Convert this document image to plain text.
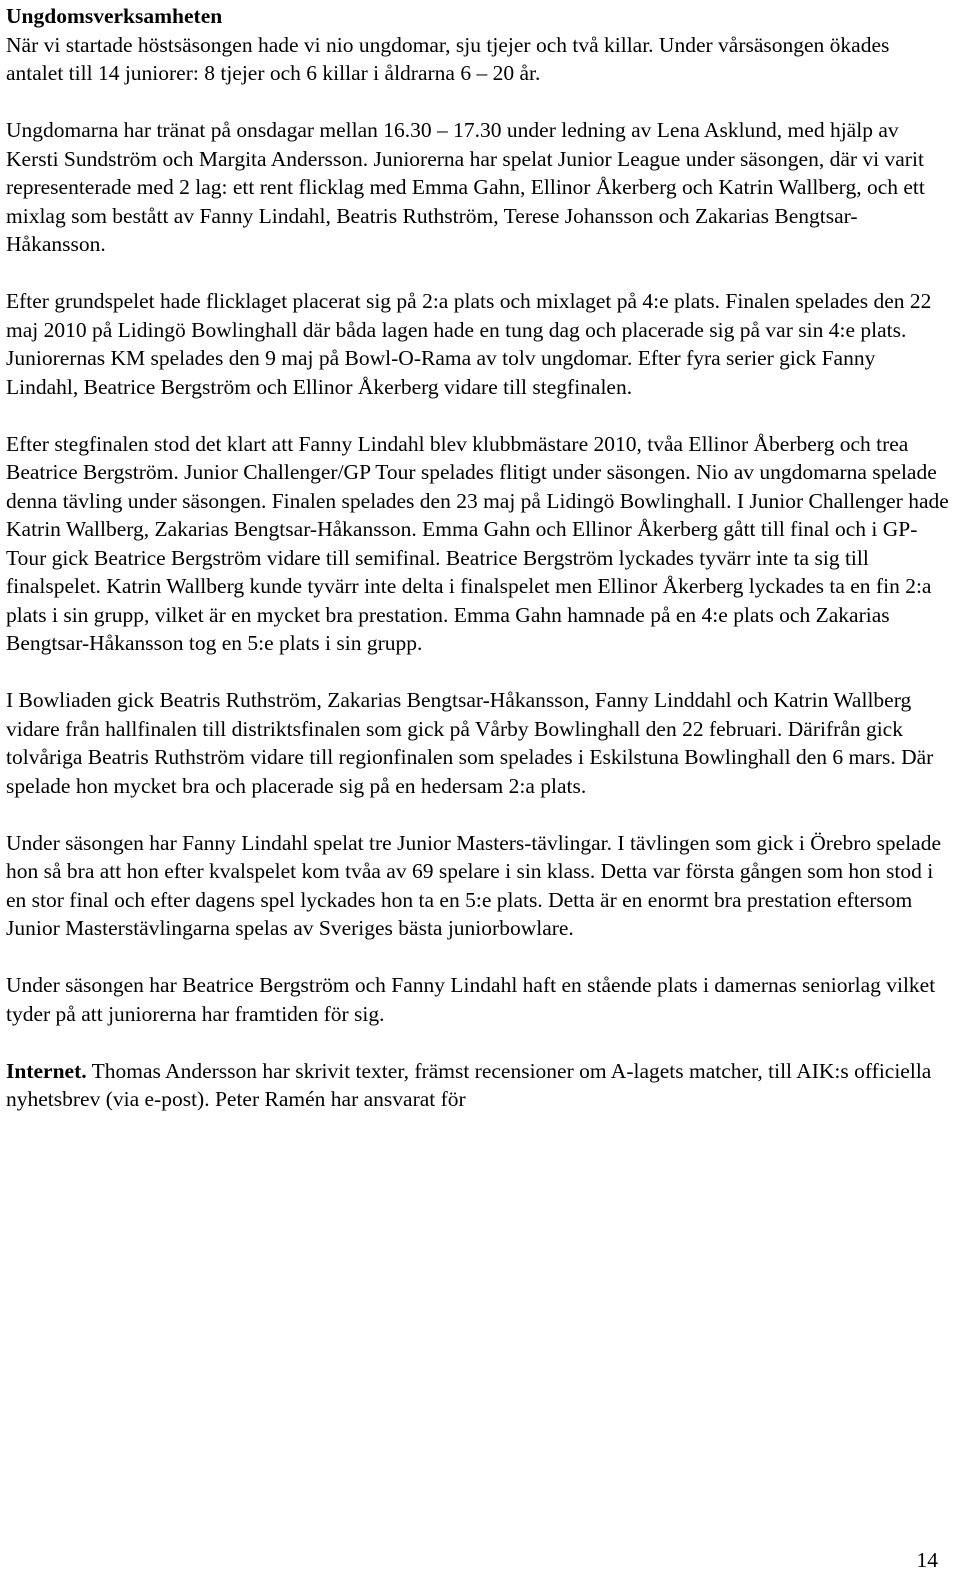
Ungdomsverksamheten

När vi startade höstsäsongen hade vi nio ungdomar, sju tjejer och två killar. Under vårsäsongen ökades antalet till 14 juniorer: 8 tjejer och 6 killar i åldrarna 6 – 20 år.

Ungdomarna har tränat på onsdagar mellan 16.30 – 17.30 under ledning av Lena Asklund, med hjälp av Kersti Sundström och Margita Andersson. Juniorerna har spelat Junior League under säsongen, där vi varit representerade med 2 lag: ett rent flicklag med Emma Gahn, Ellinor Åkerberg och Katrin Wallberg, och ett mixlag som bestått av Fanny Lindahl, Beatris Ruthström, Terese Johansson och Zakarias Bengtsar-Håkansson.

Efter grundspelet hade flicklaget placerat sig på 2:a plats och mixlaget på 4:e plats. Finalen spelades den 22 maj 2010 på Lidingö Bowlinghall där båda lagen hade en tung dag och placerade sig på var sin 4:e plats. Juniorernas KM spelades den 9 maj på Bowl-O-Rama av tolv ungdomar. Efter fyra serier gick Fanny Lindahl, Beatrice Bergström och Ellinor Åkerberg vidare till stegfinalen.

Efter stegfinalen stod det klart att Fanny Lindahl blev klubbmästare 2010, tvåa Ellinor Åberberg och trea Beatrice Bergström. Junior Challenger/GP Tour spelades flitigt under säsongen. Nio av ungdomarna spelade denna tävling under säsongen. Finalen spelades den 23 maj på Lidingö Bowlinghall. I Junior Challenger hade Katrin Wallberg, Zakarias Bengtsar-Håkansson. Emma Gahn och Ellinor Åkerberg gått till final och i GP-Tour gick Beatrice Bergström vidare till semifinal. Beatrice Bergström lyckades tyvärr inte ta sig till finalspelet. Katrin Wallberg kunde tyvärr inte delta i finalspelet men Ellinor Åkerberg lyckades ta en fin 2:a plats i sin grupp, vilket är en mycket bra prestation. Emma Gahn hamnade på en 4:e plats och Zakarias Bengtsar-Håkansson tog en 5:e plats i sin grupp.

I Bowliaden gick Beatris Ruthström, Zakarias Bengtsar-Håkansson, Fanny Linddahl och Katrin Wallberg vidare från hallfinalen till distriktsfinalen som gick på Vårby Bowlinghall den 22 februari. Därifrån gick tolvåriga Beatris Ruthström vidare till regionfinalen som spelades i Eskilstuna Bowlinghall den 6 mars. Där spelade hon mycket bra och placerade sig på en hedersam 2:a plats.

Under säsongen har Fanny Lindahl spelat tre Junior Masters-tävlingar. I tävlingen som gick i Örebro spelade hon så bra att hon efter kvalspelet kom tvåa av 69 spelare i sin klass. Detta var första gången som hon stod i en stor final och efter dagens spel lyckades hon ta en 5:e plats. Detta är en enormt bra prestation eftersom Junior Masterstävlingarna spelas av Sveriges bästa juniorbowlare.

Under säsongen har Beatrice Bergström och Fanny Lindahl haft en stående plats i damernas seniorlag vilket tyder på att juniorerna har framtiden för sig.

Internet. Thomas Andersson har skrivit texter, främst recensioner om A-lagets matcher, till AIK:s officiella nyhetsbrev (via e-post). Peter Ramén har ansvarat för

14
